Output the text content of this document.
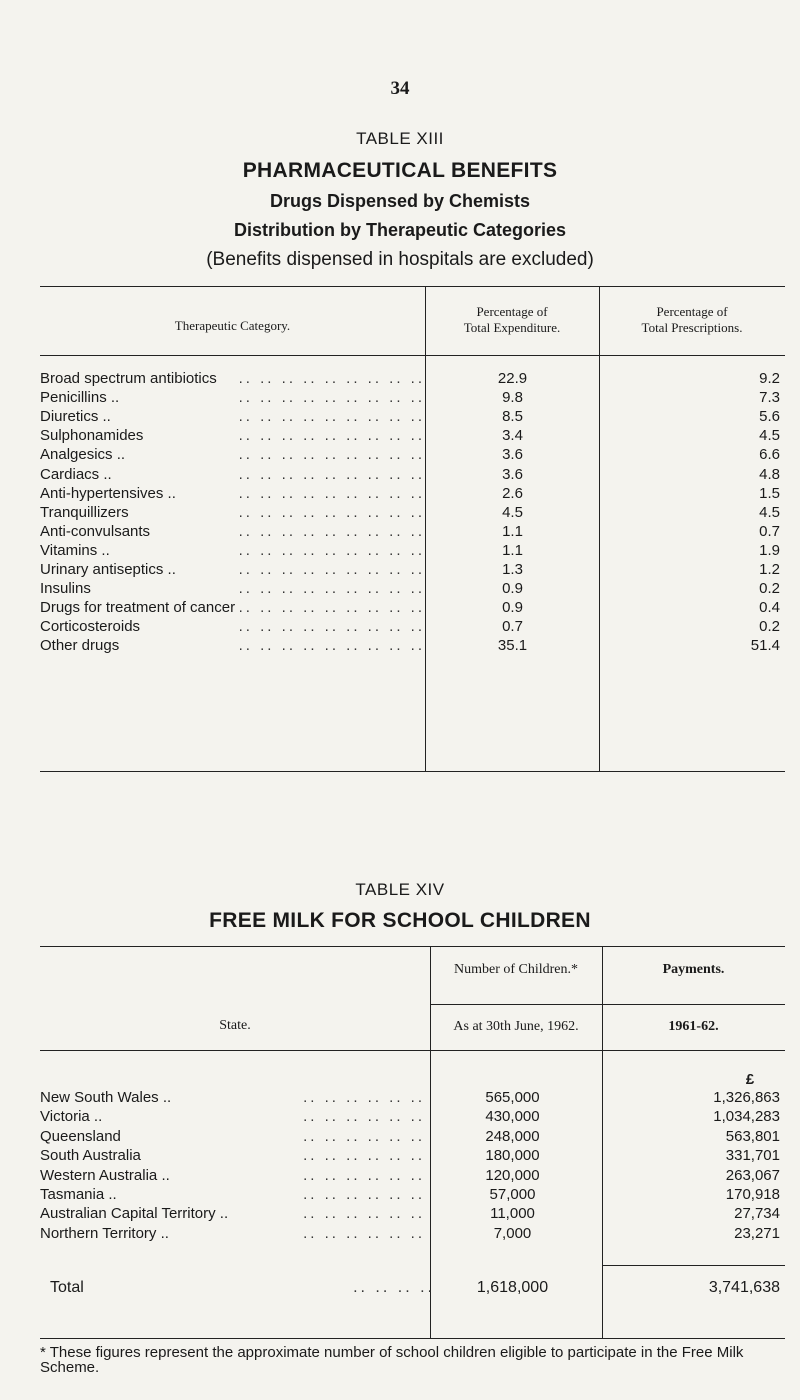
34
TABLE XIII
PHARMACEUTICAL BENEFITS
Drugs Dispensed by Chemists
Distribution by Therapeutic Categories
(Benefits dispensed in hospitals are excluded)
Therapeutic Category.
Percentage of
Total Expenditure.
Percentage of
Total Prescriptions.
Broad spectrum antibiotics	.. .. .. .. .. .. .. .. ..	22.9	9.2
Penicillins ..	.. .. .. .. .. .. .. .. ..	9.8	7.3
Diuretics ..	.. .. .. .. .. .. .. .. ..	8.5	5.6
Sulphonamides	.. .. .. .. .. .. .. .. ..	3.4	4.5
Analgesics ..	.. .. .. .. .. .. .. .. ..	3.6	6.6
Cardiacs ..	.. .. .. .. .. .. .. .. ..	3.6	4.8
Anti-hypertensives ..	.. .. .. .. .. .. .. .. ..	2.6	1.5
Tranquillizers	.. .. .. .. .. .. .. .. ..	4.5	4.5
Anti-convulsants	.. .. .. .. .. .. .. .. ..	1.1	0.7
Vitamins ..	.. .. .. .. .. .. .. .. ..	1.1	1.9
Urinary antiseptics ..	.. .. .. .. .. .. .. .. ..	1.3	1.2
Insulins	.. .. .. .. .. .. .. .. ..	0.9	0.2
Drugs for treatment of cancer .. .. .. .. .. .. .. .. ..	0.9	0.4
Corticosteroids	.. .. .. .. .. .. .. .. ..	0.7	0.2
Other drugs	.. .. .. .. .. .. .. .. ..	35.1	51.4
TABLE XIV
FREE MILK FOR SCHOOL CHILDREN
State.
Number of Children.*
As at 30th June, 1962.
Payments.
1961-62.
£
New South Wales ..	.. .. .. .. .. ..	565,000	1,326,863
Victoria ..	.. .. .. .. .. ..	430,000	1,034,283
Queensland	.. .. .. .. .. ..	248,000	563,801
South Australia	.. .. .. .. .. ..	180,000	331,701
Western Australia ..	.. .. .. .. .. ..	120,000	263,067
Tasmania ..	.. .. .. .. .. ..	57,000	170,918
Australian Capital Territory ..	.. .. .. .. .. ..	11,000	27,734
Northern Territory ..	.. .. .. .. .. ..	7,000	23,271
Total	.. .. .. ..	1,618,000	3,741,638
* These figures represent the approximate number of school children eligible to participate in the Free Milk Scheme.
